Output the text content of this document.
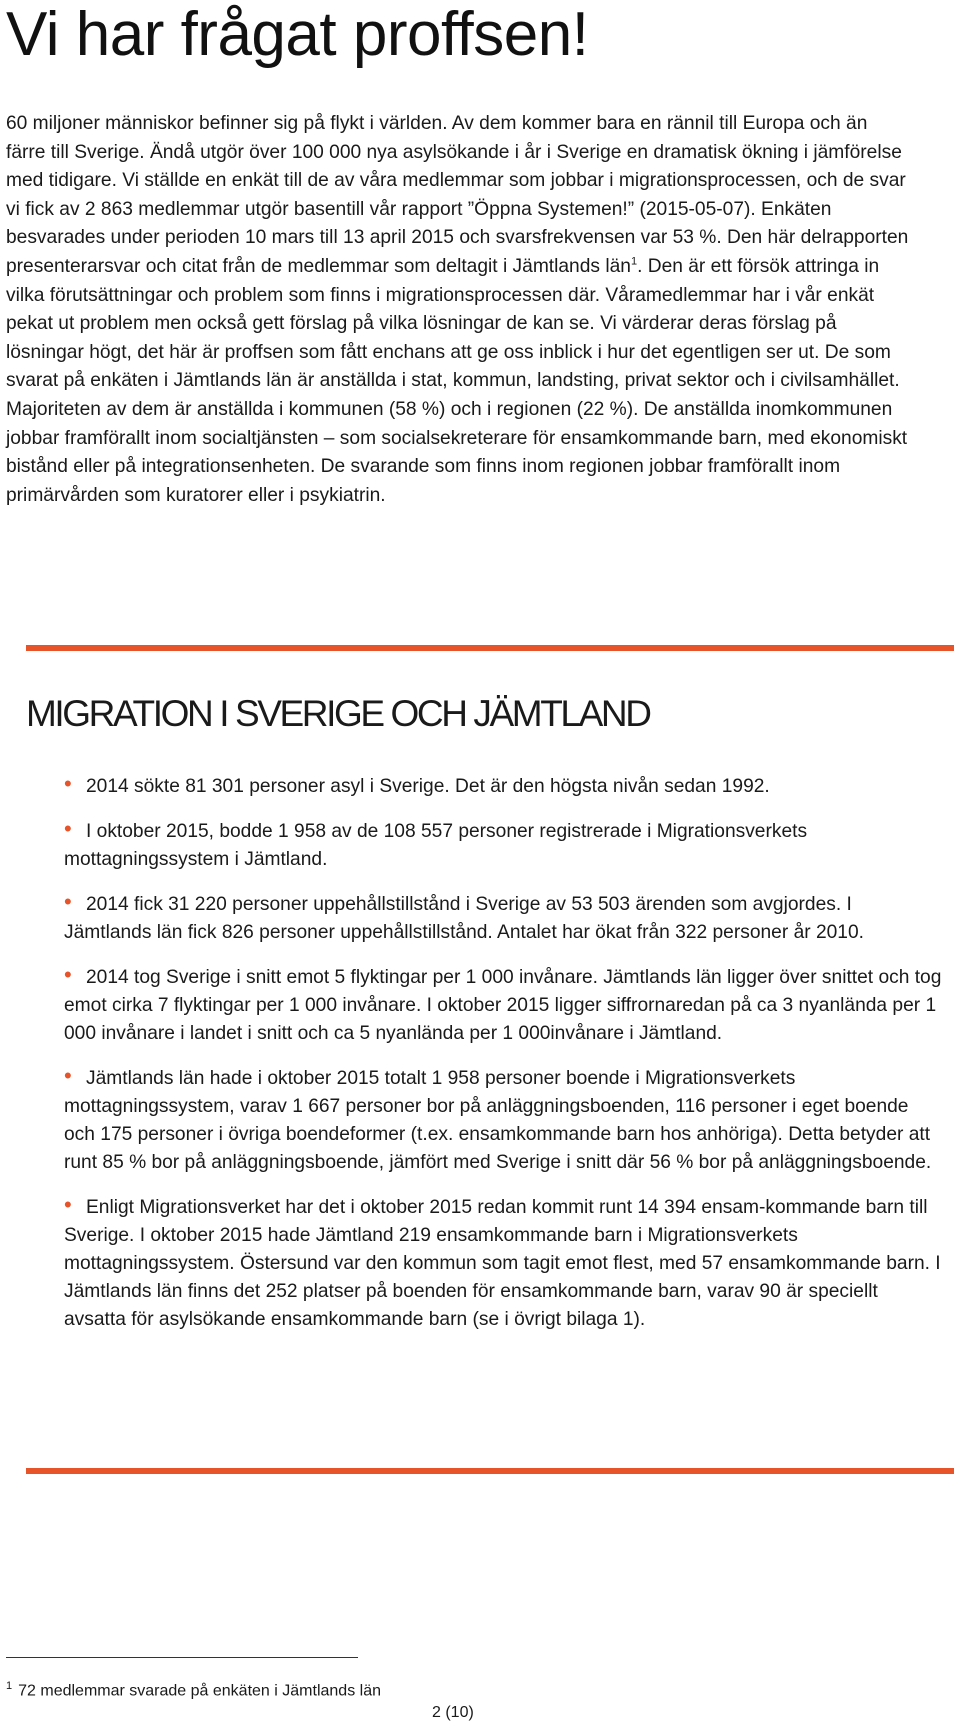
Vi har frågat proffsen!

60 miljoner människor befinner sig på flykt i världen. Av dem kommer bara en rännil till Europa och än färre till Sverige. Ändå utgör över 100 000 nya asylsökande i år i Sverige en dramatisk ökning i jämförelse med tidigare. Vi ställde en enkät till de av våra medlemmar som jobbar i migrationsprocessen, och de svar vi fick av 2 863 medlemmar utgör basentill vår rapport ”Öppna Systemen!” (2015-05-07). Enkäten besvarades under perioden 10 mars till 13 april 2015 och svarsfrekvensen var 53 %. Den här delrapporten presenterarsvar och citat från de medlemmar som deltagit i Jämtlands län$^1$. Den är ett försök attringa in vilka förutsättningar och problem som finns i migrationsprocessen där. Våramedlemmar har i vår enkät pekat ut problem men också gett förslag på vilka lösningar de kan se. Vi värderar deras förslag på lösningar högt, det här är proffsen som fått enchans att ge oss inblick i hur det egentligen ser ut. De som svarat på enkäten i Jämtlands län är anställda i stat, kommun, landsting, privat sektor och i civilsamhället. Majoriteten av dem är anställda i kommunen (58 %) och i regionen (22 %). De anställda inomkommunen jobbar framförallt inom socialtjänsten – som socialsekreterare för ensamkommande barn, med ekonomiskt bistånd eller på integrationsenheten. De svarande som finns inom regionen jobbar framförallt inom primärvården som kuratorer eller i psykiatrin.

MIGRATION I SVERIGE OCH JÄMTLAND
• 2014 sökte 81 301 personer asyl i Sverige. Det är den högsta nivån sedan 1992.
• I oktober 2015, bodde 1 958 av de 108 557 personer registrerade i Migrationsverkets mottagningssystem i Jämtland.
• 2014 fick 31 220 personer uppehållstillstånd i Sverige av 53 503 ärenden som avgjordes. I Jämtlands län fick 826 personer uppehållstillstånd. Antalet har ökat från 322 personer år 2010.
• 2014 tog Sverige i snitt emot 5 flyktingar per 1 000 invånare. Jämtlands län ligger över snittet och tog emot cirka 7 flyktingar per 1 000 invånare. I oktober 2015 ligger siffrornaredan på ca 3 nyanlända per 1 000 invånare i landet i snitt och ca 5 nyanlända per 1 000invånare i Jämtland.
• Jämtlands län hade i oktober 2015 totalt 1 958 personer boende i Migrationsverkets mottagningssystem, varav 1 667 personer bor på anläggningsboenden, 116 personer i eget boende och 175 personer i övriga boendeformer (t.ex. ensamkommande barn hos anhöriga). Detta betyder att runt 85 % bor på anläggningsboende, jämfört med Sverige i snitt där 56 % bor på anläggningsboende.
• Enligt Migrationsverket har det i oktober 2015 redan kommit runt 14 394 ensam-kommande barn till Sverige. I oktober 2015 hade Jämtland 219 ensamkommande barn i Migrationsverkets mottagningssystem. Östersund var den kommun som tagit emot flest, med 57 ensamkommande barn. I Jämtlands län finns det 252 platser på boenden för ensamkommande barn, varav 90 är speciellt avsatta för asylsökande ensamkommande barn (se i övrigt bilaga 1).

$^1$ 72 medlemmar svarade på enkäten i Jämtlands län

2 (10)
